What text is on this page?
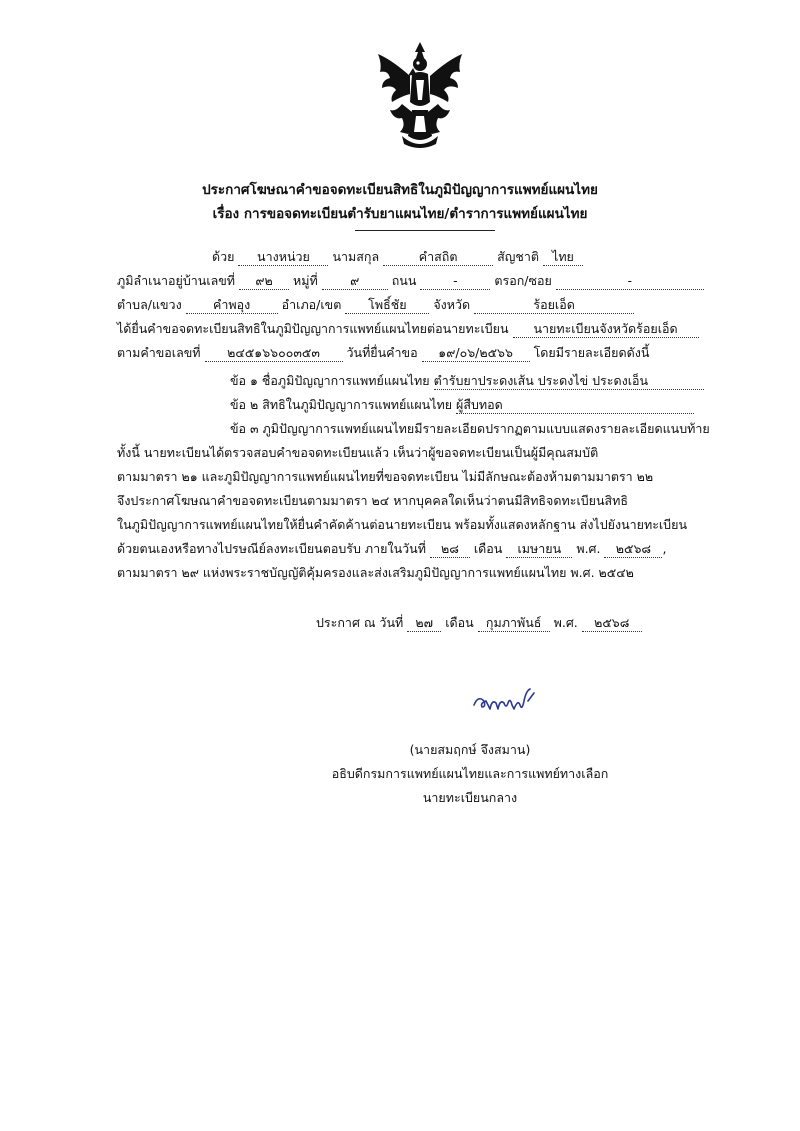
ประกาศโฆษณาคำขอจดทะเบียนสิทธิในภูมิปัญญาการแพทย์แผนไทย
เรื่อง การขอจดทะเบียนตำรับยาแผนไทย/ตำราการแพทย์แผนไทย
ด้วย นางหน่วย นามสกุล	คำสถิต	สัญชาติ ไทย
ภูมิลำเนาอยู่บ้านเลขที่ ๙๒ หมู่ที่	๙	ถนน	-	ตรอก/ซอย	-
ตำบล/แขวง	คำพอุง	อำเภอ/เขต โพธิ์ชัย จังหวัด	ร้อยเอ็ด
ได้ยื่นคำขอจดทะเบียนสิทธิในภูมิปัญญาการแพทย์แผนไทยต่อนายทะเบียน นายทะเบียนจังหวัดร้อยเอ็ด
ตามคำขอเลขที่ ๒๔๕๑๖๖๐๐๓๕๓ วันที่ยื่นคำขอ ๑๙/๐๖/๒๕๖๖ โดยมีรายละเอียดดังนี้
ข้อ ๑ ชื่อภูมิปัญญาการแพทย์แผนไทย ตำรับยาประดงเส้น ประดงไข่ ประดงเอ็น
ข้อ ๒ สิทธิในภูมิปัญญาการแพทย์แผนไทย ผู้สืบทอด
ข้อ ๓ ภูมิปัญญาการแพทย์แผนไทยมีรายละเอียดปรากฏตามแบบแสดงรายละเอียดแนบท้าย
ทั้งนี้ นายทะเบียนได้ตรวจสอบคำขอจดทะเบียนแล้ว เห็นว่าผู้ขอจดทะเบียนเป็นผู้มีคุณสมบัติ
ตามมาตรา ๒๑ และภูมิปัญญาการแพทย์แผนไทยที่ขอจดทะเบียน ไม่มีลักษณะต้องห้ามตามมาตรา ๒๒
จึงประกาศโฆษณาคำขอจดทะเบียนตามมาตรา ๒๔ หากบุคคลใดเห็นว่าตนมีสิทธิจดทะเบียนสิทธิ
ในภูมิปัญญาการแพทย์แผนไทยให้ยื่นคำคัดค้านต่อนายทะเบียน พร้อมทั้งแสดงหลักฐาน ส่งไปยังนายทะเบียน
ด้วยตนเองหรือทางไปรษณีย์ลงทะเบียนตอบรับ ภายในวันที่ ๒๘ เดือน เมษายน พ.ศ. ๒๕๖๘ ,
ตามมาตรา ๒๙ แห่งพระราชบัญญัติคุ้มครองและส่งเสริมภูมิปัญญาการแพทย์แผนไทย พ.ศ. ๒๕๔๒
ประกาศ ณ วันที่ ๒๗ เดือน กุมภาพันธ์ พ.ศ. ๒๕๖๘
(นายสมฤกษ์ จึงสมาน)
อธิบดีกรมการแพทย์แผนไทยและการแพทย์ทางเลือก
นายทะเบียนกลาง
